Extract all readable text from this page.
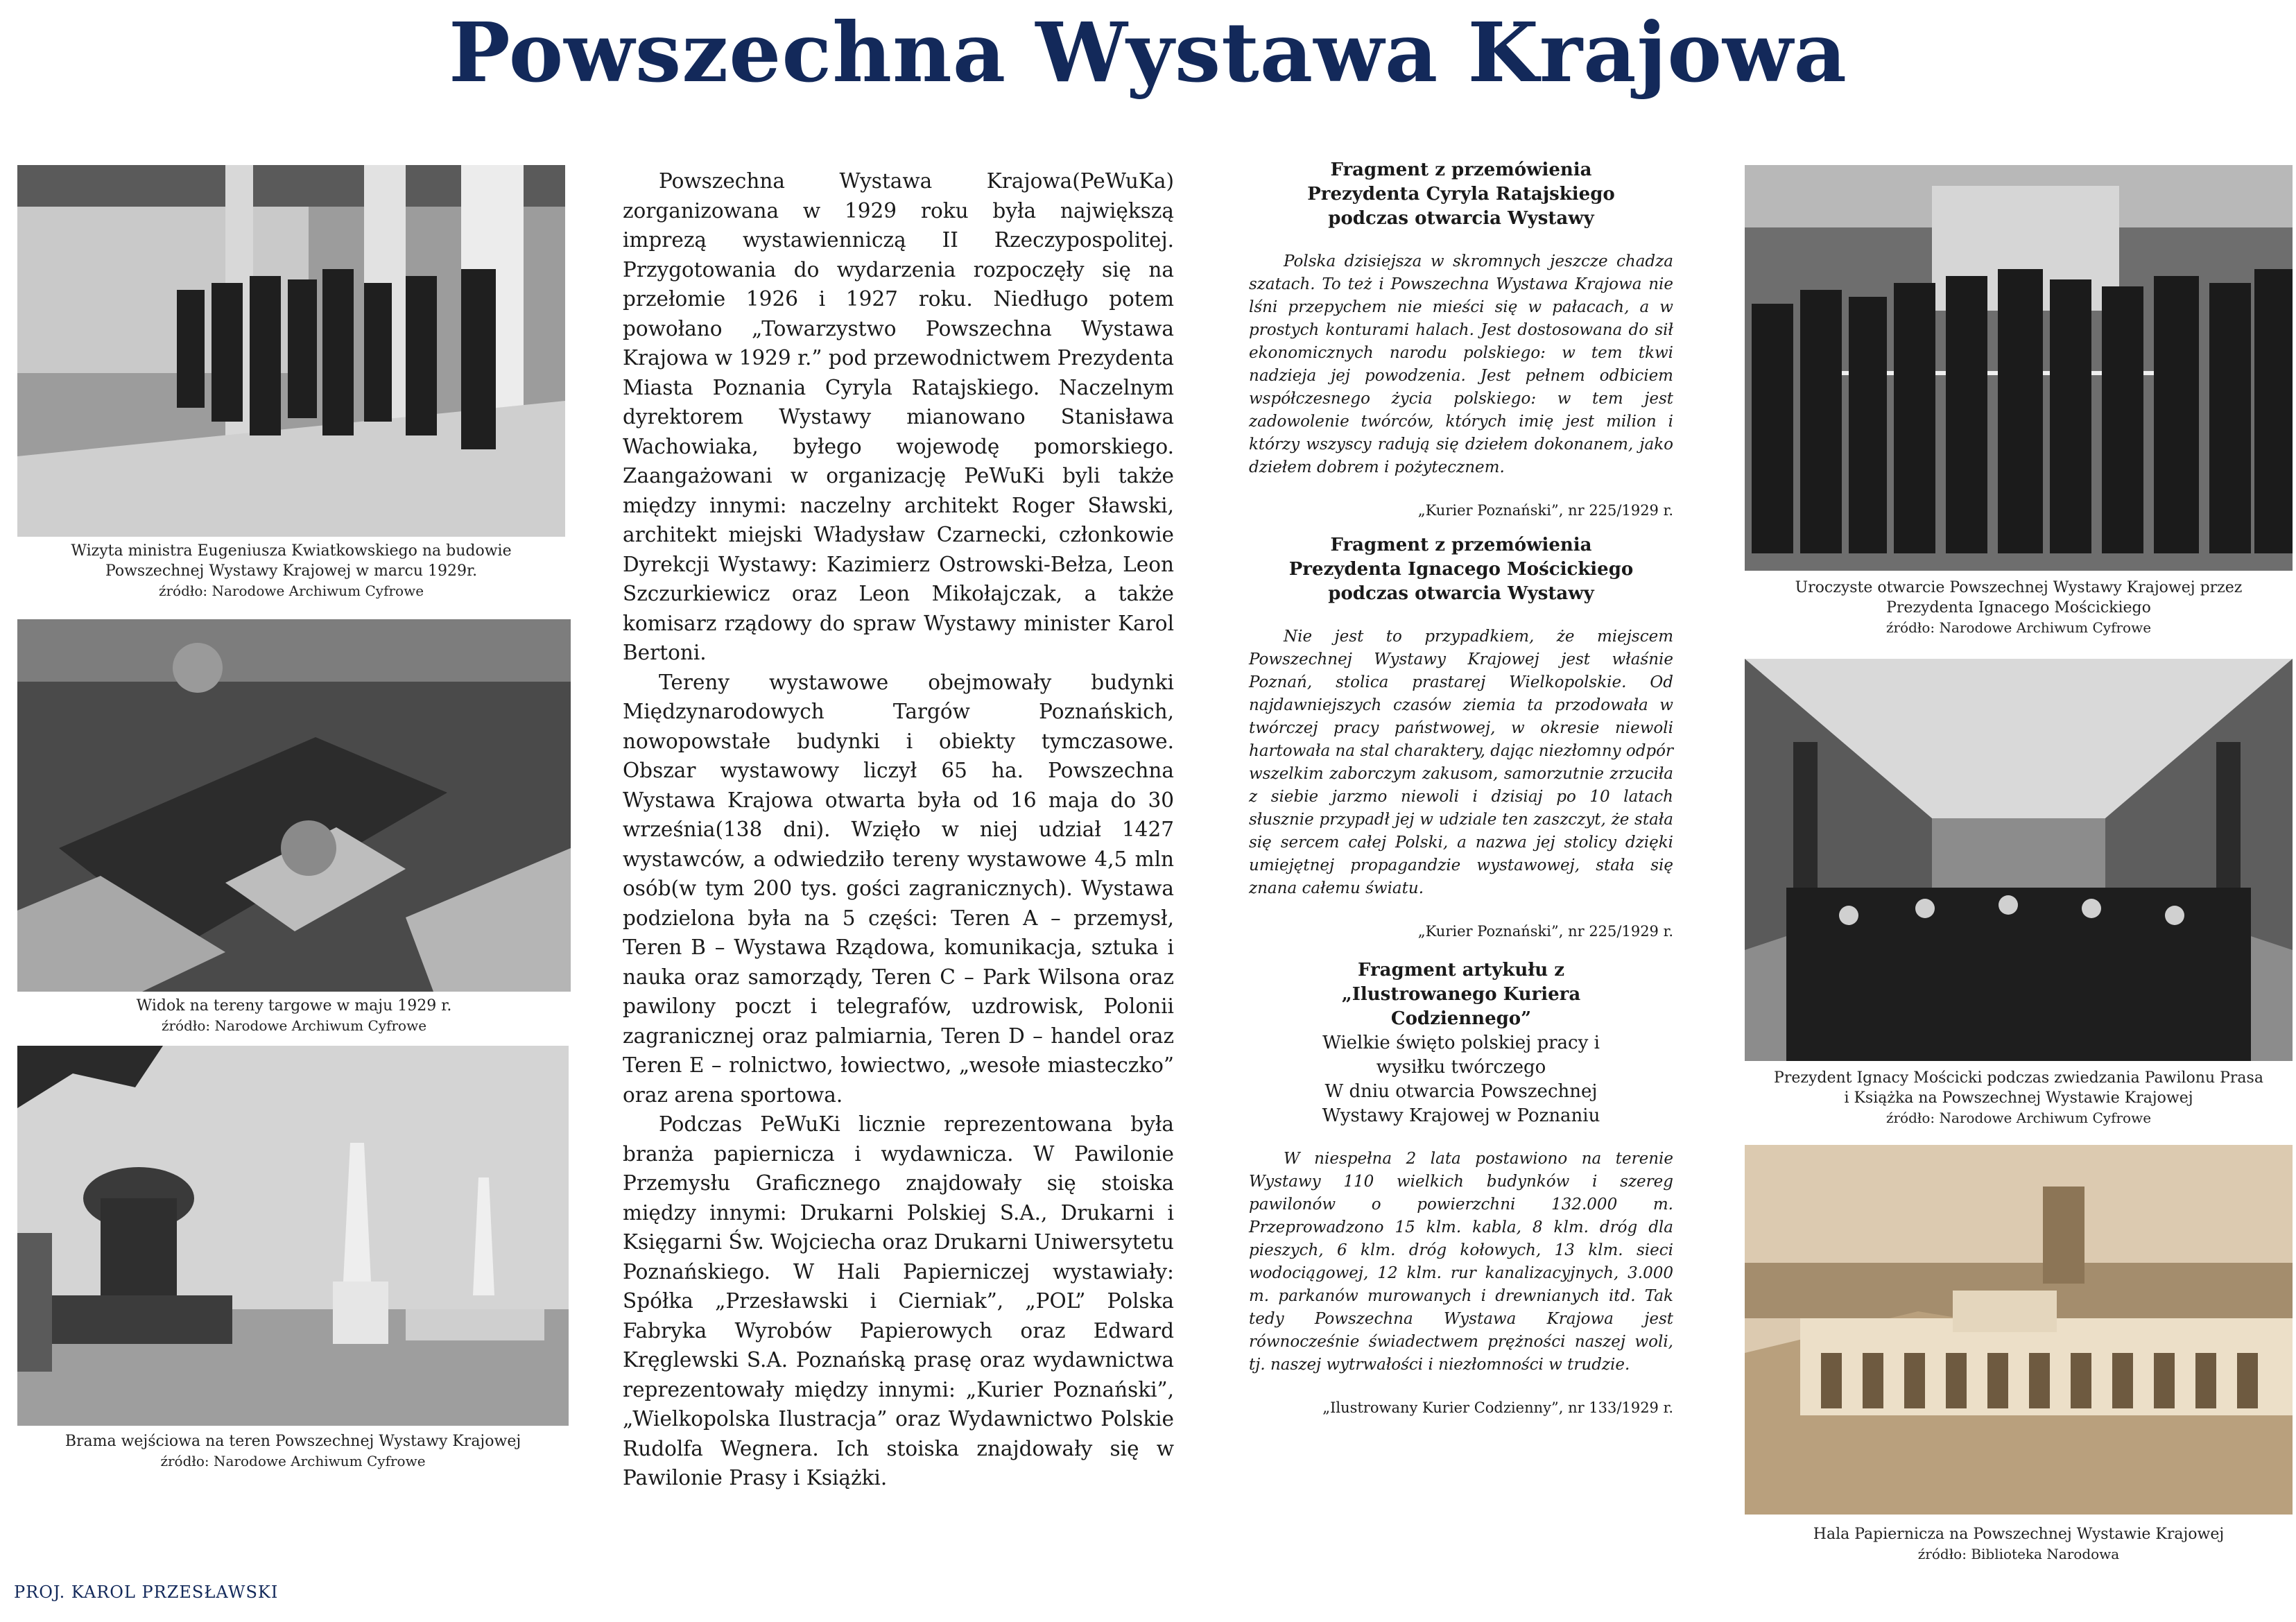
Powszechna Wystawa Krajowa
Wizyta ministra Eugeniusza Kwiatkowskiego na budowie
Powszechnej Wystawy Krajowej w marcu 1929r.
źródło: Narodowe Archiwum Cyfrowe
Widok na tereny targowe w maju 1929 r.
źródło: Narodowe Archiwum Cyfrowe
Brama wejściowa na teren Powszechnej Wystawy Krajowej
źródło: Narodowe Archiwum Cyfrowe

Powszechna Wystawa Krajowa(PeWuKa) zorganizowana w 1929 roku była największą imprezą wystawienniczą II Rzeczypospolitej. Przygotowania do wydarzenia rozpoczęły się na przełomie 1926 i 1927 roku. Niedługo potem powołano „Towarzystwo Powszechna Wystawa Krajowa w 1929 r.” pod przewodnictwem Prezydenta Miasta Poznania Cyryla Ratajskiego. Naczelnym dyrektorem Wystawy mianowano Stanisława Wachowiaka, byłego wojewodę pomorskiego. Zaangażowani w organizację PeWuKi byli także między innymi: naczelny architekt Roger Sławski, architekt miejski Władysław Czarnecki, członkowie Dyrekcji Wystawy: Kazimierz Ostrowski-Bełza, Leon Szczurkiewicz oraz Leon Mikołajczak, a także komisarz rządowy do spraw Wystawy minister Karol Bertoni.

Tereny wystawowe obejmowały budynki Międzynarodowych Targów Poznańskich, nowopowstałe budynki i obiekty tymczasowe. Obszar wystawowy liczył 65 ha. Powszechna Wystawa Krajowa otwarta była od 16 maja do 30 września(138 dni). Wzięło w niej udział 1427 wystawców, a odwiedziło tereny wystawowe 4,5 mln osób(w tym 200 tys. gości zagranicznych). Wystawa podzielona była na 5 części: Teren A – przemysł, Teren B – Wystawa Rządowa, komunikacja, sztuka i nauka oraz samorządy, Teren C – Park Wilsona oraz pawilony poczt i telegrafów, uzdrowisk, Polonii zagranicznej oraz palmiarnia, Teren D – handel oraz Teren E – rolnictwo, łowiectwo, „wesołe miasteczko” oraz arena sportowa.

Podczas PeWuKi licznie reprezentowana była branża papiernicza i wydawnicza. W Pawilonie Przemysłu Graficznego znajdowały się stoiska między innymi: Drukarni Polskiej S.A., Drukarni i Księgarni Św. Wojciecha oraz Drukarni Uniwersytetu Poznańskiego. W Hali Papierniczej wystawiały: Spółka „Przesławski i Cierniak”, „POL” Polska Fabryka Wyrobów Papierowych oraz Edward Kręglewski S.A. Poznańską prasę oraz wydawnictwa reprezentowały między innymi: „Kurier Poznański”, „Wielkopolska Ilustracja” oraz Wydawnictwo Polskie Rudolfa Wegnera. Ich stoiska znajdowały się w Pawilonie Prasy i Książki.

Fragment z przemówienia Prezydenta Cyryla Ratajskiego podczas otwarcia Wystawy

Polska dzisiejsza w skromnych jeszcze chadza szatach. To też i Powszechna Wystawa Krajowa nie lśni przepychem nie mieści się w pałacach, a w prostych konturami halach. Jest dostosowana do sił ekonomicznych narodu polskiego: w tem tkwi nadzieja jej powodzenia. Jest pełnem odbiciem współczesnego życia polskiego: w tem jest zadowolenie twórców, których imię jest milion i którzy wszyscy radują się dziełem dokonanem, jako dziełem dobrem i pożytecznem.

„Kurier Poznański”, nr 225/1929 r.

Fragment z przemówienia Prezydenta Ignacego Mościckiego podczas otwarcia Wystawy

Nie jest to przypadkiem, że miejscem Powszechnej Wystawy Krajowej jest właśnie Poznań, stolica prastarej Wielkopolskie. Od najdawniejszych czasów ziemia ta przodowała w twórczej pracy państwowej, w okresie niewoli hartowała na stal charaktery, dając niezłomny odpór wszelkim zaborczym zakusom, samorzutnie zrzuciła z siebie jarzmo niewoli i dzisiaj po 10 latach słusznie przypadł jej w udziale ten zaszczyt, że stała się sercem całej Polski, a nazwa jej stolicy dzięki umiejętnej propagandzie wystawowej, stała się znana całemu światu.

„Kurier Poznański”, nr 225/1929 r.

Fragment artykułu z „Ilustrowanego Kuriera Codziennego”

Wielkie święto polskiej pracy i wysiłku twórczego

W dniu otwarcia Powszechnej Wystawy Krajowej w Poznaniu

W niespełna 2 lata postawiono na terenie Wystawy 110 wielkich budynków i szereg pawilonów o powierzchni 132.000 m. Przeprowadzono 15 klm. kabla, 8 klm. dróg dla pieszych, 6 klm. dróg kołowych, 13 klm. sieci wodociągowej, 12 klm. rur kanalizacyjnych, 3.000 m. parkanów murowanych i drewnianych itd. Tak tedy Powszechna Wystawa Krajowa jest równocześnie świadectwem prężności naszej woli, tj. naszej wytrwałości i niezłomności w trudzie.

„Ilustrowany Kurier Codzienny”, nr 133/1929 r.

Uroczyste otwarcie Powszechnej Wystawy Krajowej przez
Prezydenta Ignacego Mościckiego
źródło: Narodowe Archiwum Cyfrowe
Prezydent Ignacy Mościcki podczas zwiedzania Pawilonu Prasa
i Książka na Powszechnej Wystawie Krajowej
źródło: Narodowe Archiwum Cyfrowe
Hala Papiernicza na Powszechnej Wystawie Krajowej
źródło: Biblioteka Narodowa
PROJ. KAROL PRZESŁAWSKI
